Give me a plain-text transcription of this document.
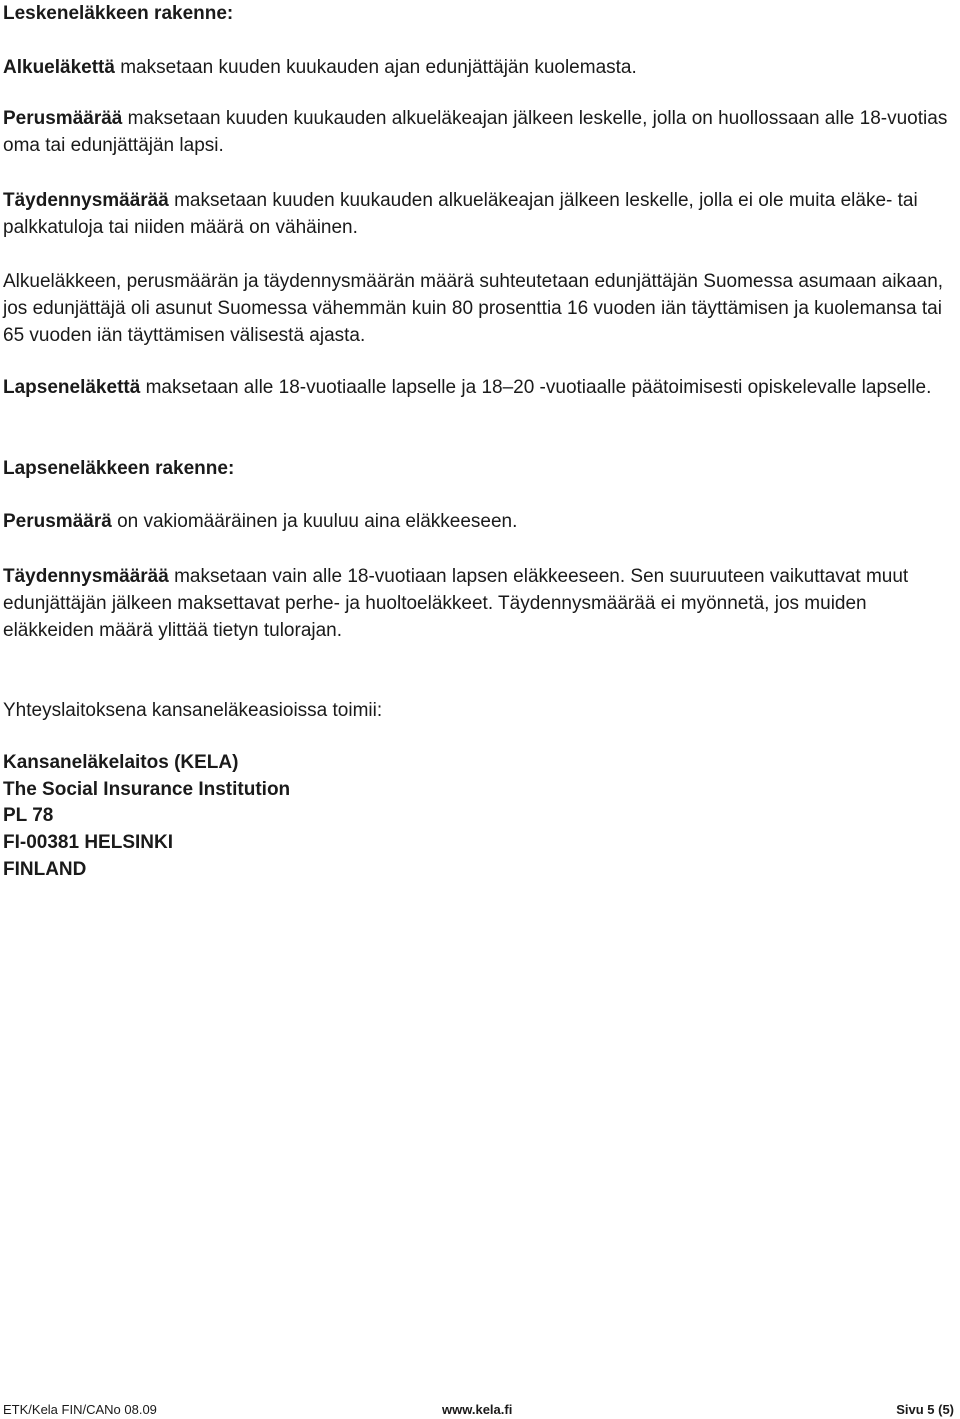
Leskeneläkkeen rakenne:

Alkueläkettä maksetaan kuuden kuukauden ajan edunjättäjän kuolemasta.

Perusmäärää maksetaan kuuden kuukauden alkueläkeajan jälkeen leskelle, jolla on huollossaan alle 18-vuotias oma tai edunjättäjän lapsi.

Täydennysmäärää maksetaan kuuden kuukauden alkueläkeajan jälkeen leskelle, jolla ei ole muita eläke- tai palkkatuloja tai niiden määrä on vähäinen.

Alkueläkkeen, perusmäärän ja täydennysmäärän määrä suhteutetaan edunjättäjän Suomessa asumaan aikaan, jos edunjättäjä oli asunut Suomessa vähemmän kuin 80 prosenttia 16 vuoden iän täyttämisen ja kuolemansa tai 65 vuoden iän täyttämisen välisestä ajasta.

Lapseneläkettä maksetaan alle 18-vuotiaalle lapselle ja 18–20 -vuotiaalle päätoimisesti opiskelevalle lapselle.

Lapseneläkkeen rakenne:

Perusmäärä on vakiomääräinen ja kuuluu aina eläkkeeseen.

Täydennysmäärää maksetaan vain alle 18-vuotiaan lapsen eläkkeeseen. Sen suuruuteen vaikuttavat muut edunjättäjän jälkeen maksettavat perhe- ja huoltoeläkkeet. Täydennysmäärää ei myönnetä, jos muiden eläkkeiden määrä ylittää tietyn tulorajan.

Yhteyslaitoksena kansaneläkeasioissa toimii:

Kansaneläkelaitos (KELA)
The Social Insurance Institution
PL 78
FI-00381 HELSINKI
FINLAND
ETK/Kela FIN/CANo 08.09	www.kela.fi	Sivu 5 (5)
